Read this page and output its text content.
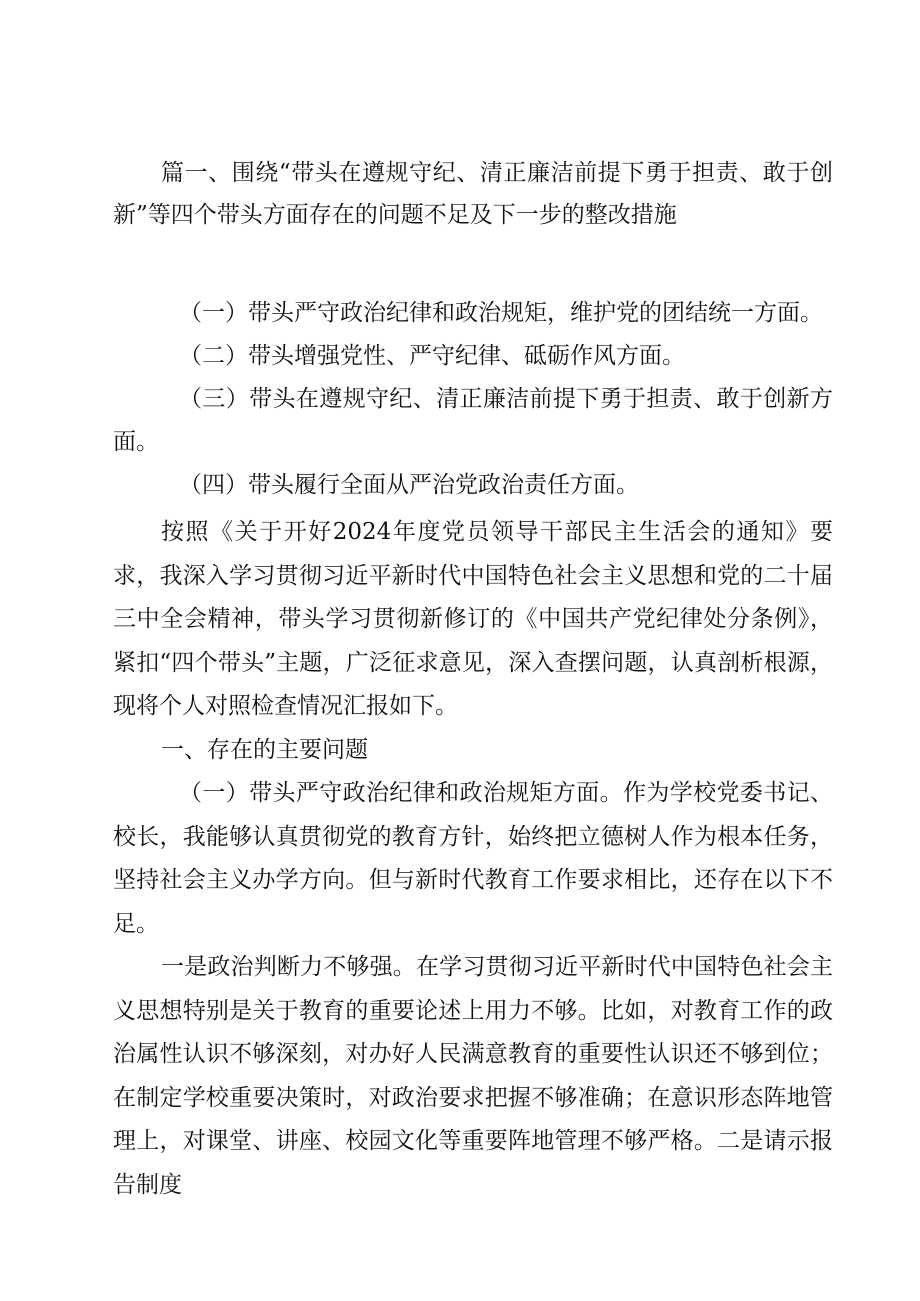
篇一、围绕“带头在遵规守纪、清正廉洁前提下勇于担责、敢于创新”等四个带头方面存在的问题不足及下一步的整改措施

（一）带头严守政治纪律和政治规矩，维护党的团结统一方面。

（二）带头增强党性、严守纪律、砥砺作风方面。

（三）带头在遵规守纪、清正廉洁前提下勇于担责、敢于创新方面。

（四）带头履行全面从严治党政治责任方面。

按照《关于开好2024年度党员领导干部民主生活会的通知》要求，我深入学习贯彻习近平新时代中国特色社会主义思想和党的二十届三中全会精神，带头学习贯彻新修订的《中国共产党纪律处分条例》，紧扣“四个带头”主题，广泛征求意见，深入查摆问题，认真剖析根源，现将个人对照检查情况汇报如下。

一、存在的主要问题

（一）带头严守政治纪律和政治规矩方面。作为学校党委书记、校长，我能够认真贯彻党的教育方针，始终把立德树人作为根本任务，坚持社会主义办学方向。但与新时代教育工作要求相比，还存在以下不足。

一是政治判断力不够强。在学习贯彻习近平新时代中国特色社会主义思想特别是关于教育的重要论述上用力不够。比如，对教育工作的政治属性认识不够深刻，对办好人民满意教育的重要性认识还不够到位；在制定学校重要决策时，对政治要求把握不够准确；在意识形态阵地管理上，对课堂、讲座、校园文化等重要阵地管理不够严格。二是请示报告制度
